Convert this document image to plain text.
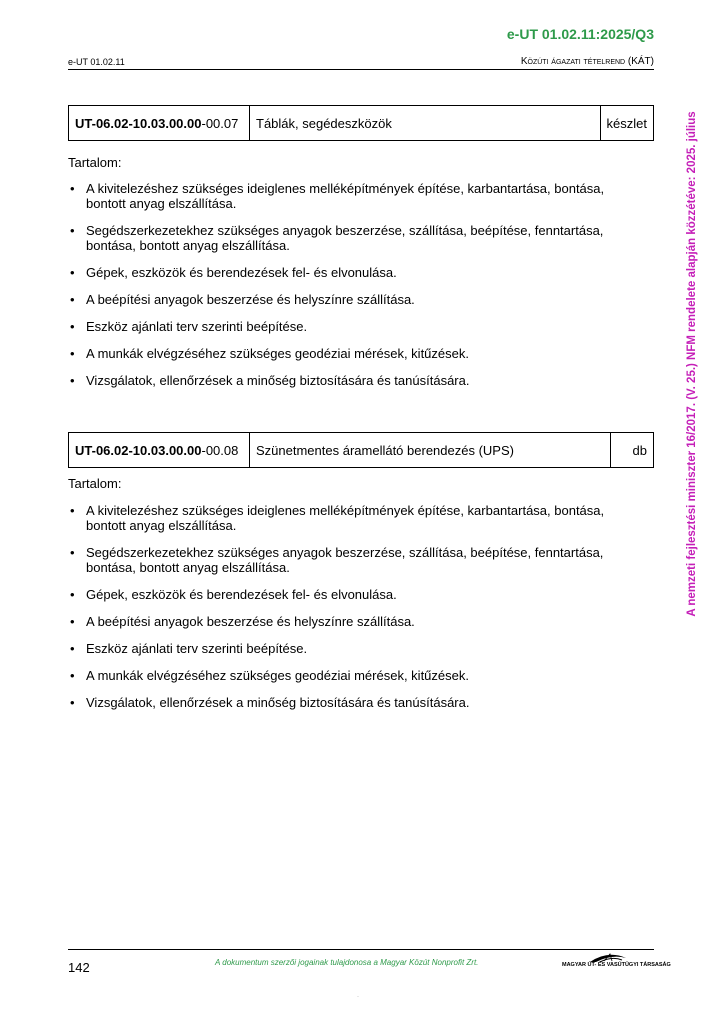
e-UT 01.02.11:2025/Q3
e-UT 01.02.11	Közúti ágazati tételrend (KÁT)
UT-06.02-10.03.00.00-00.07	Táblák, segédeszközök	készlet
Tartalom:
• A kivitelezéshez szükséges ideiglenes melléképítmények építése, karbantartása, bontása, bontott anyag elszállítása.
• Segédszerkezetekhez szükséges anyagok beszerzése, szállítása, beépítése, fenntartása, bontása, bontott anyag elszállítása.
• Gépek, eszközök és berendezések fel- és elvonulása.
• A beépítési anyagok beszerzése és helyszínre szállítása.
• Eszköz ajánlati terv szerinti beépítése.
• A munkák elvégzéséhez szükséges geodéziai mérések, kitűzések.
• Vizsgálatok, ellenőrzések a minőség biztosítására és tanúsítására.
UT-06.02-10.03.00.00-00.08	Szünetmentes áramellátó berendezés (UPS)	db
Tartalom:
• A kivitelezéshez szükséges ideiglenes melléképítmények építése, karbantartása, bontása, bontott anyag elszállítása.
• Segédszerkezetekhez szükséges anyagok beszerzése, szállítása, beépítése, fenntartása, bontása, bontott anyag elszállítása.
• Gépek, eszközök és berendezések fel- és elvonulása.
• A beépítési anyagok beszerzése és helyszínre szállítása.
• Eszköz ajánlati terv szerinti beépítése.
• A munkák elvégzéséhez szükséges geodéziai mérések, kitűzések.
• Vizsgálatok, ellenőrzések a minőség biztosítására és tanúsítására.
A nemzeti fejlesztési miniszter 16/2017. (V. 25.) NFM rendelete alapján közzétéve: 2025. július
142	A dokumentum szerzői jogainak tulajdonosa a Magyar Közút Nonprofit Zrt.	MAGYAR ÚT- ÉS VASÚTÜGYI TÁRSASÁG
·
